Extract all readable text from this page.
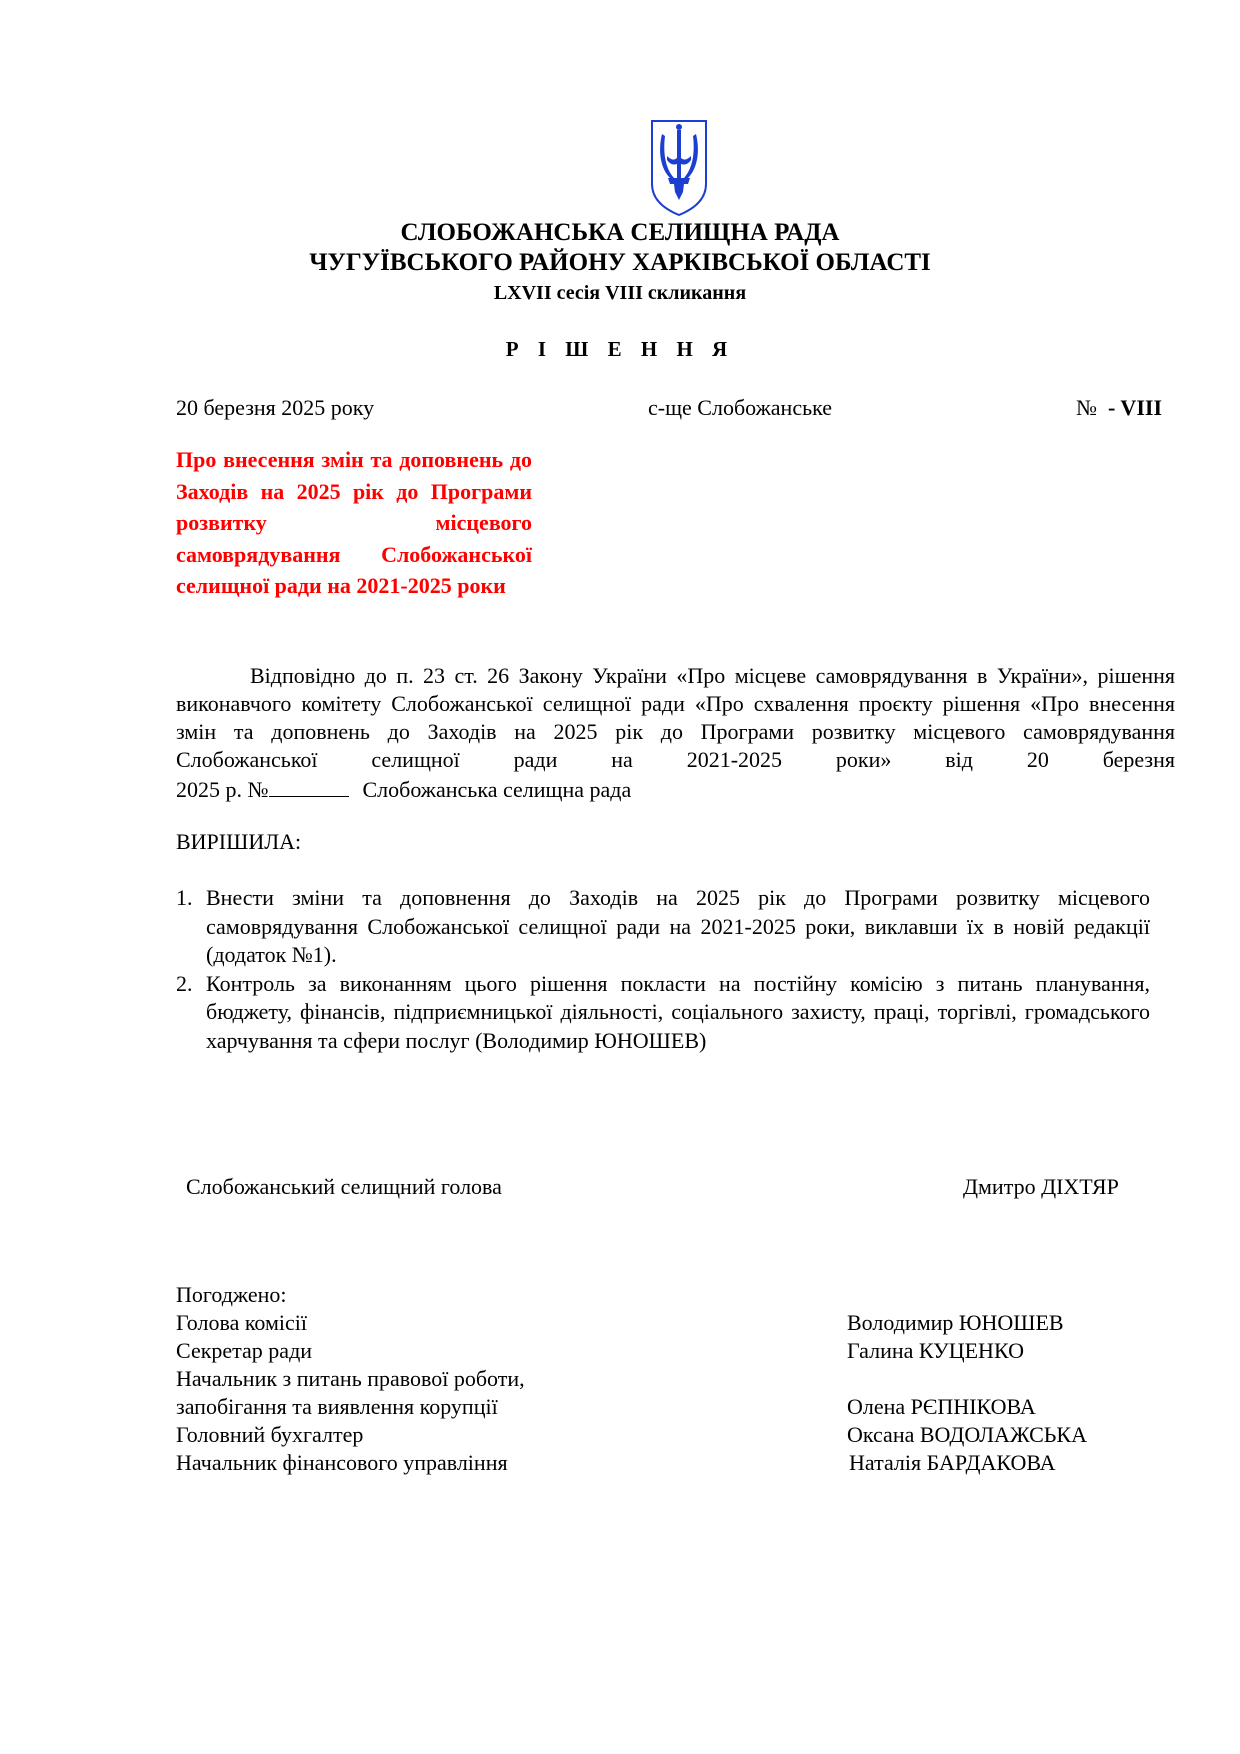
СЛОБОЖАНСЬКА СЕЛИЩНА РАДА
ЧУГУЇВСЬКОГО РАЙОНУ ХАРКІВСЬКОЇ ОБЛАСТІ
LXVII сесія VIII скликання
Р І Ш Е Н Н Я
20 березня 2025 року	с-ще Слобожанське	№ - VIII
Про внесення змін та доповнень до Заходів на 2025 рік до Програми розвитку місцевого самоврядування Слобожанської селищної ради на 2021-2025 роки
Відповідно до п. 23 ст. 26 Закону України «Про місцеве самоврядування в України», рішення виконавчого комітету Слобожанської селищної ради «Про схвалення проєкту рішення «Про внесення змін та доповнень до Заходів на 2025 рік до Програми розвитку місцевого самоврядування Слобожанської селищної ради на 2021-2025 роки» від 20 березня
2025 р. №	Слобожанська селищна рада
ВИРІШИЛА:
1. Внести зміни та доповнення до Заходів на 2025 рік до Програми розвитку місцевого самоврядування Слобожанської селищної ради на 2021-2025 роки, виклавши їх в новій редакції (додаток №1).
2. Контроль за виконанням цього рішення покласти на постійну комісію з питань планування, бюджету, фінансів, підприємницької діяльності, соціального захисту, праці, торгівлі, громадського харчування та сфери послуг (Володимир ЮНОШЕВ)
Слобожанський селищний голова	Дмитро ДІХТЯР
Погоджено:
Голова комісії	Володимир ЮНОШЕВ
Секретар ради	Галина КУЦЕНКО
Начальник з питань правової роботи,
запобігання та виявлення корупції	Олена РЄПНІКОВА
Головний бухгалтер	Оксана ВОДОЛАЖСЬКА
Начальник фінансового управління	Наталія БАРДАКОВА
